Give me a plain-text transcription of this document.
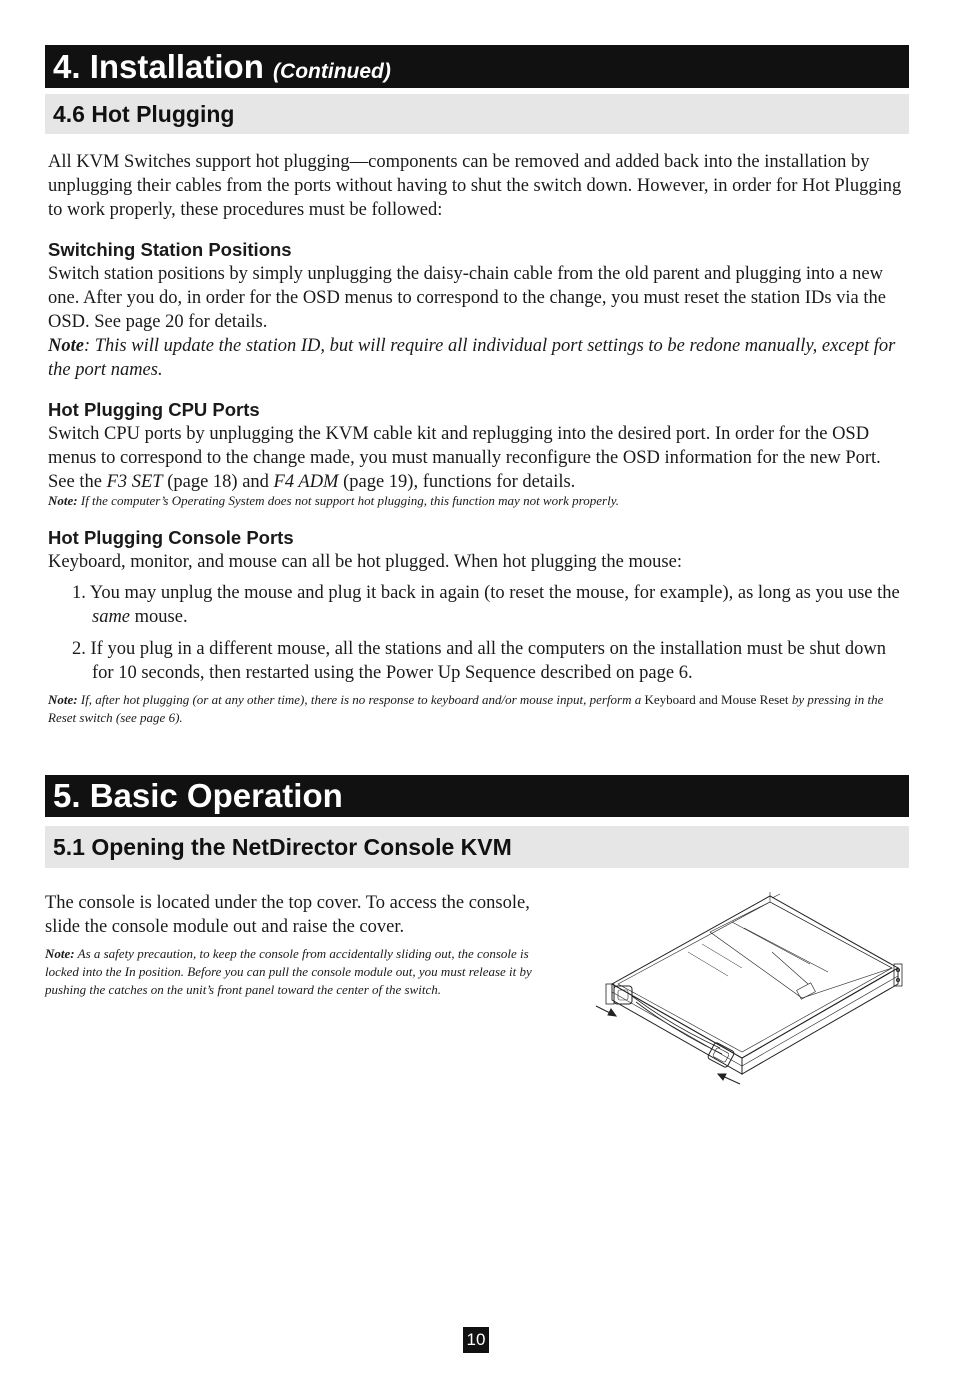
4. Installation (Continued)
4.6 Hot Plugging

All KVM Switches support hot plugging—components can be removed and added back into the installation by unplugging their cables from the ports without having to shut the switch down. However, in order for Hot Plugging to work properly, these procedures must be followed:

Switching Station Positions

Switch station positions by simply unplugging the daisy-chain cable from the old parent and plugging into a new one. After you do, in order for the OSD menus to correspond to the change, you must reset the station IDs via the OSD. See page 20 for details.

Note: This will update the station ID, but will require all individual port settings to be redone manually, except for the port names.

Hot Plugging CPU Ports

Switch CPU ports by unplugging the KVM cable kit and replugging into the desired port. In order for the OSD menus to correspond to the change made, you must manually reconfigure the OSD information for the new Port. See the F3 SET (page 18) and F4 ADM (page 19), functions for details.

Note: If the computer’s Operating System does not support hot plugging, this function may not work properly.

Hot Plugging Console Ports

Keyboard, monitor, and mouse can all be hot plugged. When hot plugging the mouse:

1. You may unplug the mouse and plug it back in again (to reset the mouse, for example), as long as you use the same mouse.

2. If you plug in a different mouse, all the stations and all the computers on the installation must be shut down for 10 seconds, then restarted using the Power Up Sequence described on page 6.

Note: If, after hot plugging (or at any other time), there is no response to keyboard and/or mouse input, perform a Keyboard and Mouse Reset by pressing in the Reset switch (see page 6).

5. Basic Operation
5.1 Opening the NetDirector Console KVM

The console is located under the top cover. To access the console, slide the console module out and raise the cover.

Note: As a safety precaution, to keep the console from accidentally sliding out, the console is locked into the In position. Before you can pull the console module out, you must release it by pushing the catches on the unit’s front panel toward the center of the switch.

10
